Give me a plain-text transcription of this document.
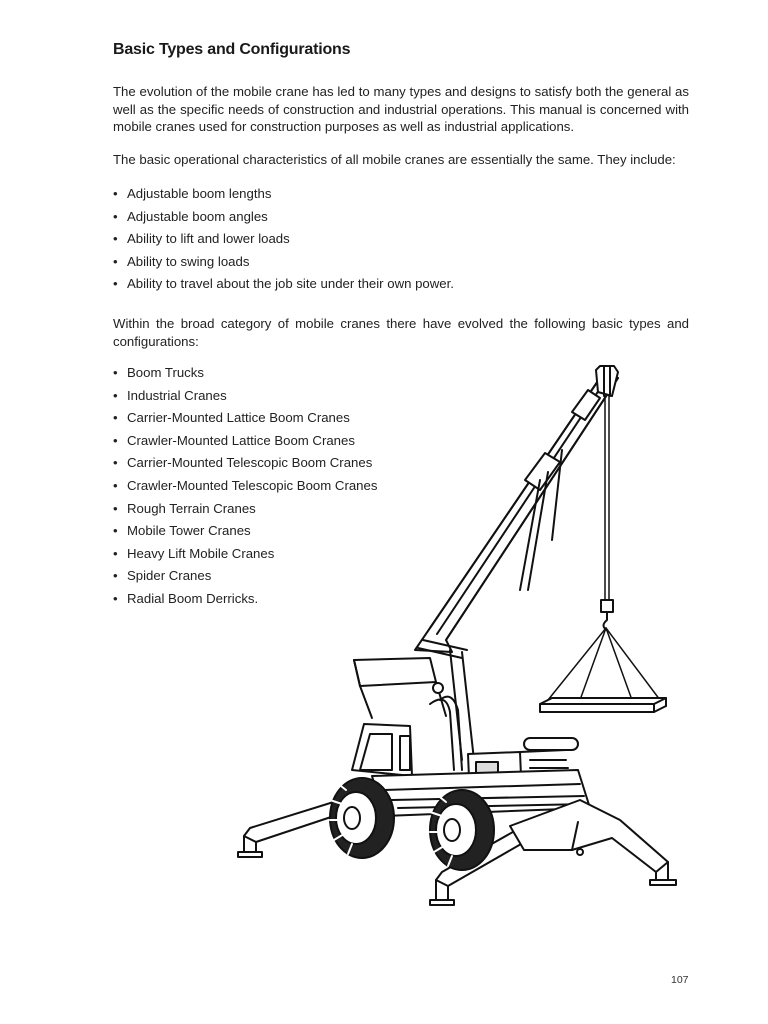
Basic Types and Configurations

The evolution of the mobile crane has led to many types and designs to satisfy both the general as well as the specific needs of construction and industrial operations. This manual is concerned with mobile cranes used for construction purposes as well as industrial applications.

The basic operational characteristics of all mobile cranes are essentially the same. They include:

• Adjustable boom lengths
• Adjustable boom angles
• Ability to lift and lower loads
• Ability to swing loads
• Ability to travel about the job site under their own power.

Within the broad category of mobile cranes there have evolved the following basic types and configurations:

• Boom Trucks
• Industrial Cranes
• Carrier-Mounted Lattice Boom Cranes
• Crawler-Mounted Lattice Boom Cranes
• Carrier-Mounted Telescopic Boom Cranes
• Crawler-Mounted Telescopic Boom Cranes
• Rough Terrain Cranes
• Mobile Tower Cranes
• Heavy Lift Mobile Cranes
• Spider Cranes
• Radial Boom Derricks.
107
